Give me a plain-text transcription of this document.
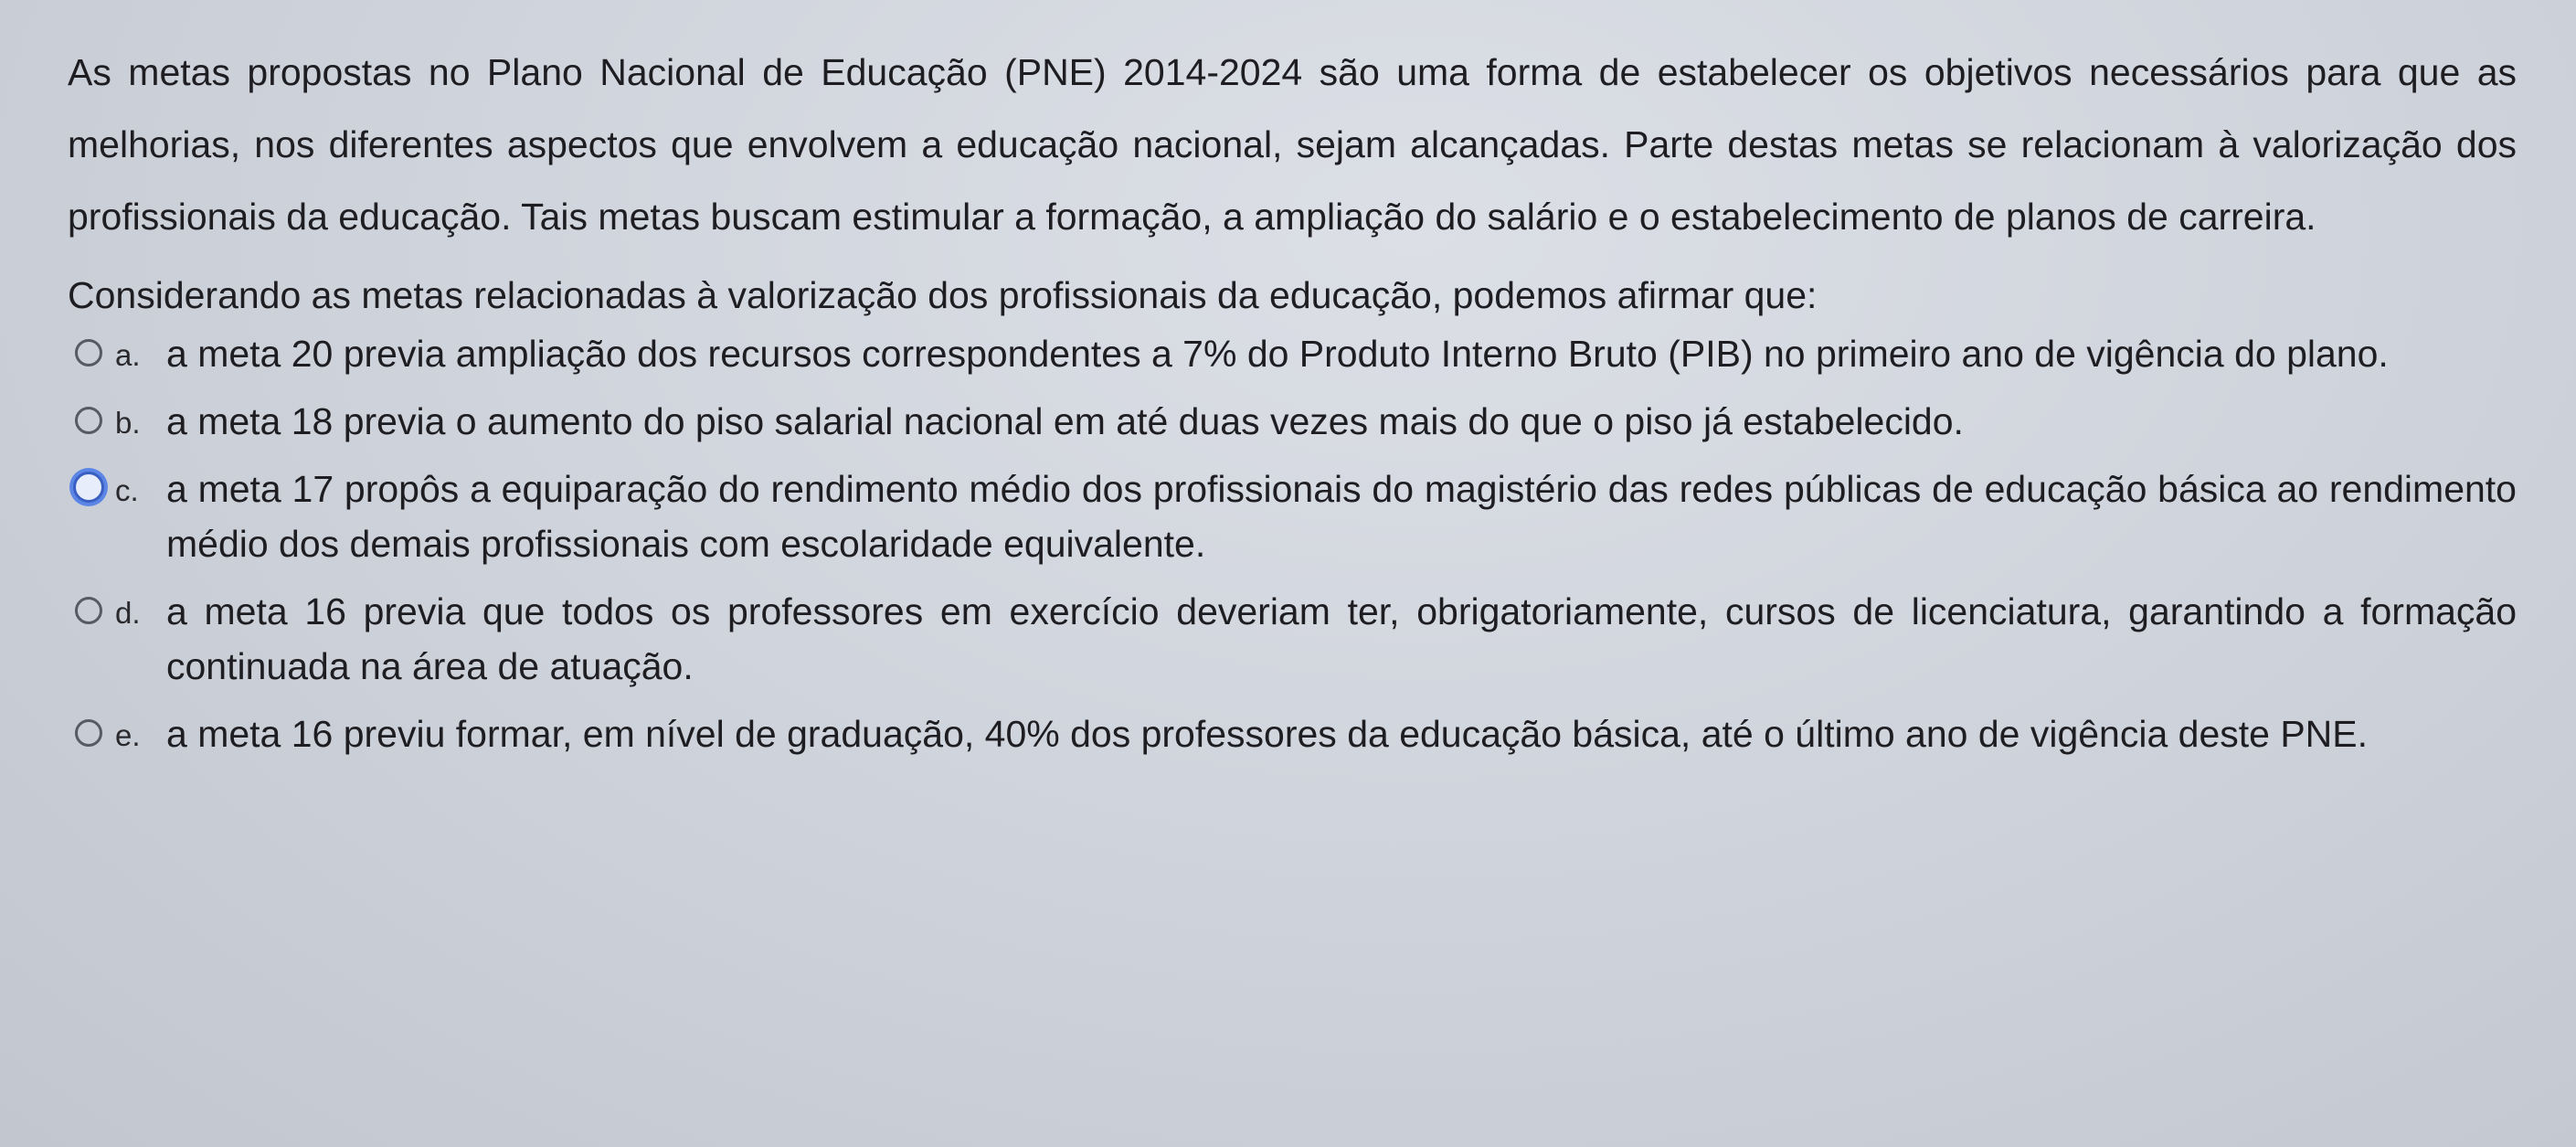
As metas propostas no Plano Nacional de Educação (PNE) 2014-2024 são uma forma de estabelecer os objetivos necessários para que as melhorias, nos diferentes aspectos que envolvem a educação nacional, sejam alcançadas. Parte destas metas se relacionam à valorização dos profissionais da educação. Tais metas buscam estimular a formação, a ampliação do salário e o estabelecimento de planos de carreira.

Considerando as metas relacionadas à valorização dos profissionais da educação, podemos afirmar que:

a. a meta 20 previa ampliação dos recursos correspondentes a 7% do Produto Interno Bruto (PIB) no primeiro ano de vigência do plano.
b. a meta 18 previa o aumento do piso salarial nacional em até duas vezes mais do que o piso já estabelecido.
c. a meta 17 propôs a equiparação do rendimento médio dos profissionais do magistério das redes públicas de educação básica ao rendimento médio dos demais profissionais com escolaridade equivalente.
d. a meta 16 previa que todos os professores em exercício deveriam ter, obrigatoriamente, cursos de licenciatura, garantindo a formação continuada na área de atuação.
e. a meta 16 previu formar, em nível de graduação, 40% dos professores da educação básica, até o último ano de vigência deste PNE.
